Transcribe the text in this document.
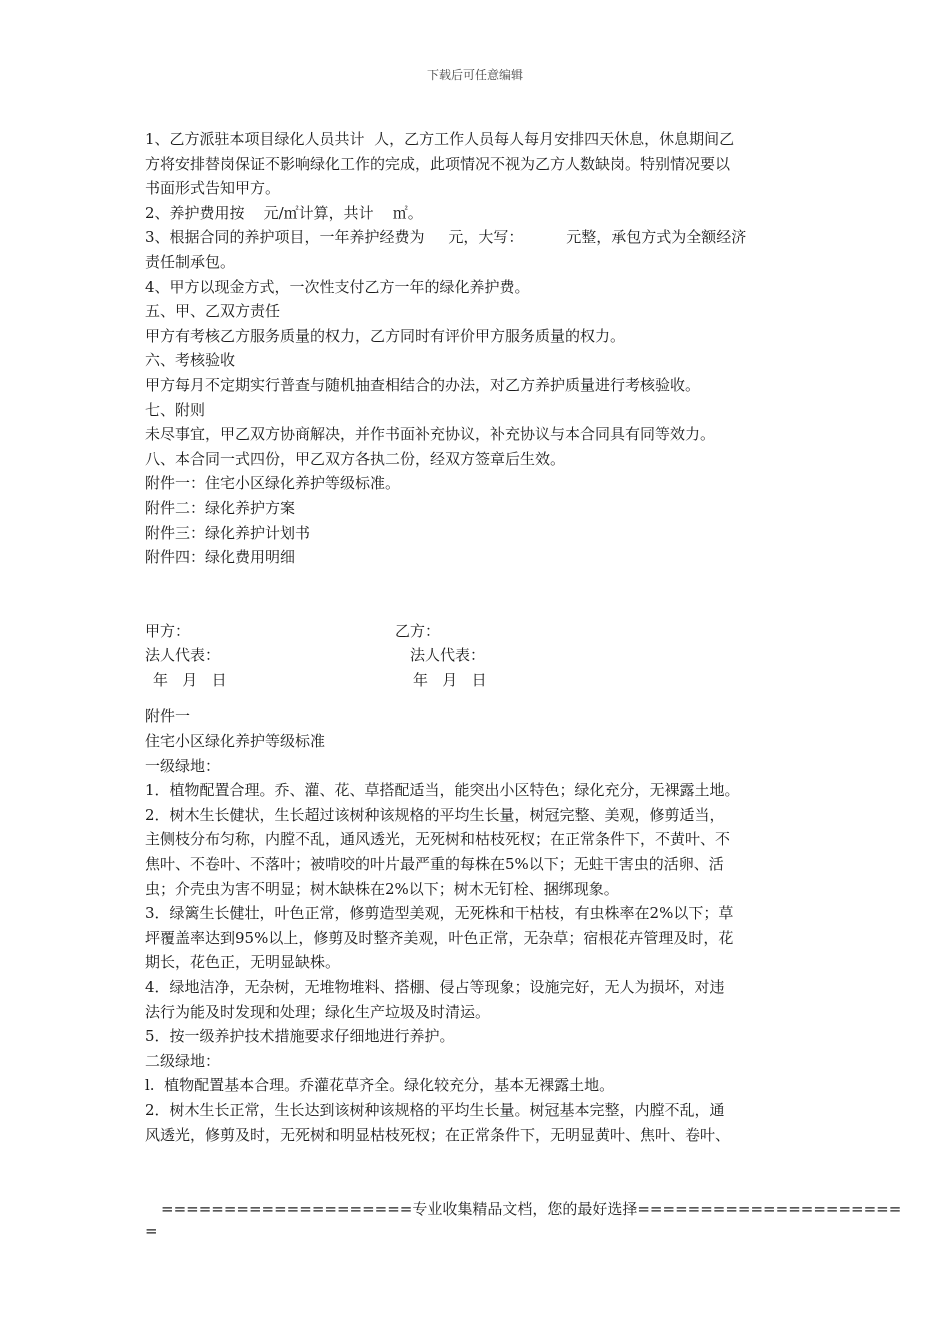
下载后可任意编辑
1、乙方派驻本项目绿化人员共计  人，乙方工作人员每人每月安排四天休息，休息期间乙
方将安排替岗保证不影响绿化工作的完成，此项情况不视为乙方人数缺岗。特别情况要以
书面形式告知甲方。
2、养护费用按    元/㎡计算，共计    ㎡。
3、根据合同的养护项目，一年养护经费为     元，大写：         元整，承包方式为全额经济
责任制承包。
4、甲方以现金方式，一次性支付乙方一年的绿化养护费。
五、甲、乙双方责任
甲方有考核乙方服务质量的权力，乙方同时有评价甲方服务质量的权力。
六、考核验收
甲方每月不定期实行普查与随机抽查相结合的办法，对乙方养护质量进行考核验收。
七、附则
未尽事宜，甲乙双方协商解决，并作书面补充协议，补充协议与本合同具有同等效力。
八、本合同一式四份，甲乙双方各执二份，经双方签章后生效。
附件一：住宅小区绿化养护等级标准。
附件二：绿化养护方案
附件三：绿化养护计划书
附件四：绿化费用明细
甲方：	乙方：
法人代表：	法人代表：
年   月   日	年   月   日
附件一
住宅小区绿化养护等级标准
一级绿地：
1．植物配置合理。乔、灌、花、草搭配适当，能突出小区特色；绿化充分，无裸露土地。
2．树木生长健状，生长超过该树种该规格的平均生长量，树冠完整、美观，修剪适当，
主侧枝分布匀称，内膛不乱，通风透光，无死树和枯枝死杈；在正常条件下，不黄叶、不
焦叶、不卷叶、不落叶；被啃咬的叶片最严重的每株在5%以下；无蛀干害虫的活卵、活
虫；介壳虫为害不明显；树木缺株在2%以下；树木无钉栓、捆绑现象。
3．绿篱生长健壮，叶色正常，修剪造型美观，无死株和干枯枝，有虫株率在2%以下；草
坪覆盖率达到95%以上，修剪及时整齐美观，叶色正常，无杂草；宿根花卉管理及时，花
期长，花色正，无明显缺株。
4．绿地洁净，无杂树，无堆物堆料、搭棚、侵占等现象；设施完好，无人为损坏，对违
法行为能及时发现和处理；绿化生产垃圾及时清运。
5．按一级养护技术措施要求仔细地进行养护。
二级绿地：
l.  植物配置基本合理。乔灌花草齐全。绿化较充分，基本无裸露土地。
2．树木生长正常，生长达到该树种该规格的平均生长量。树冠基本完整，内膛不乱，通
风透光，修剪及时，无死树和明显枯枝死杈；在正常条件下，无明显黄叶、焦叶、卷叶、
====================专业收集精品文档，您的最好选择=====================
=
